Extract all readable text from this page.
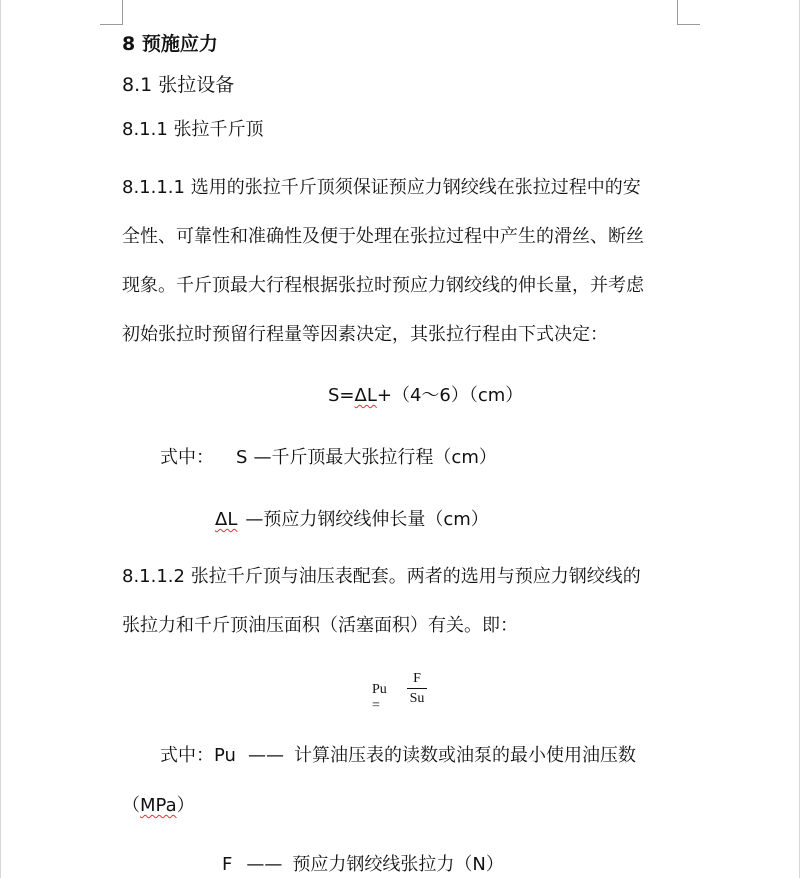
8 预施应力
8.1 张拉设备
8.1.1 张拉千斤顶
8.1.1.1 选用的张拉千斤顶须保证预应力钢绞线在张拉过程中的安
全性、可靠性和准确性及便于处理在张拉过程中产生的滑丝、断丝
现象。千斤顶最大行程根据张拉时预应力钢绞线的伸长量，并考虑
初始张拉时预留行程量等因素决定，其张拉行程由下式决定：
S=ΔL+（4～6）（cm）
式中： S —千斤顶最大张拉行程（cm）
ΔL —预应力钢绞线伸长量（cm）
8.1.1.2 张拉千斤顶与油压表配套。两者的选用与预应力钢绞线的
张拉力和千斤顶油压面积（活塞面积）有关。即：
Pu =
F
Su
式中：Pu —— 计算油压表的读数或油泵的最小使用油压数
（MPa）
F —— 预应力钢绞线张拉力（N）
